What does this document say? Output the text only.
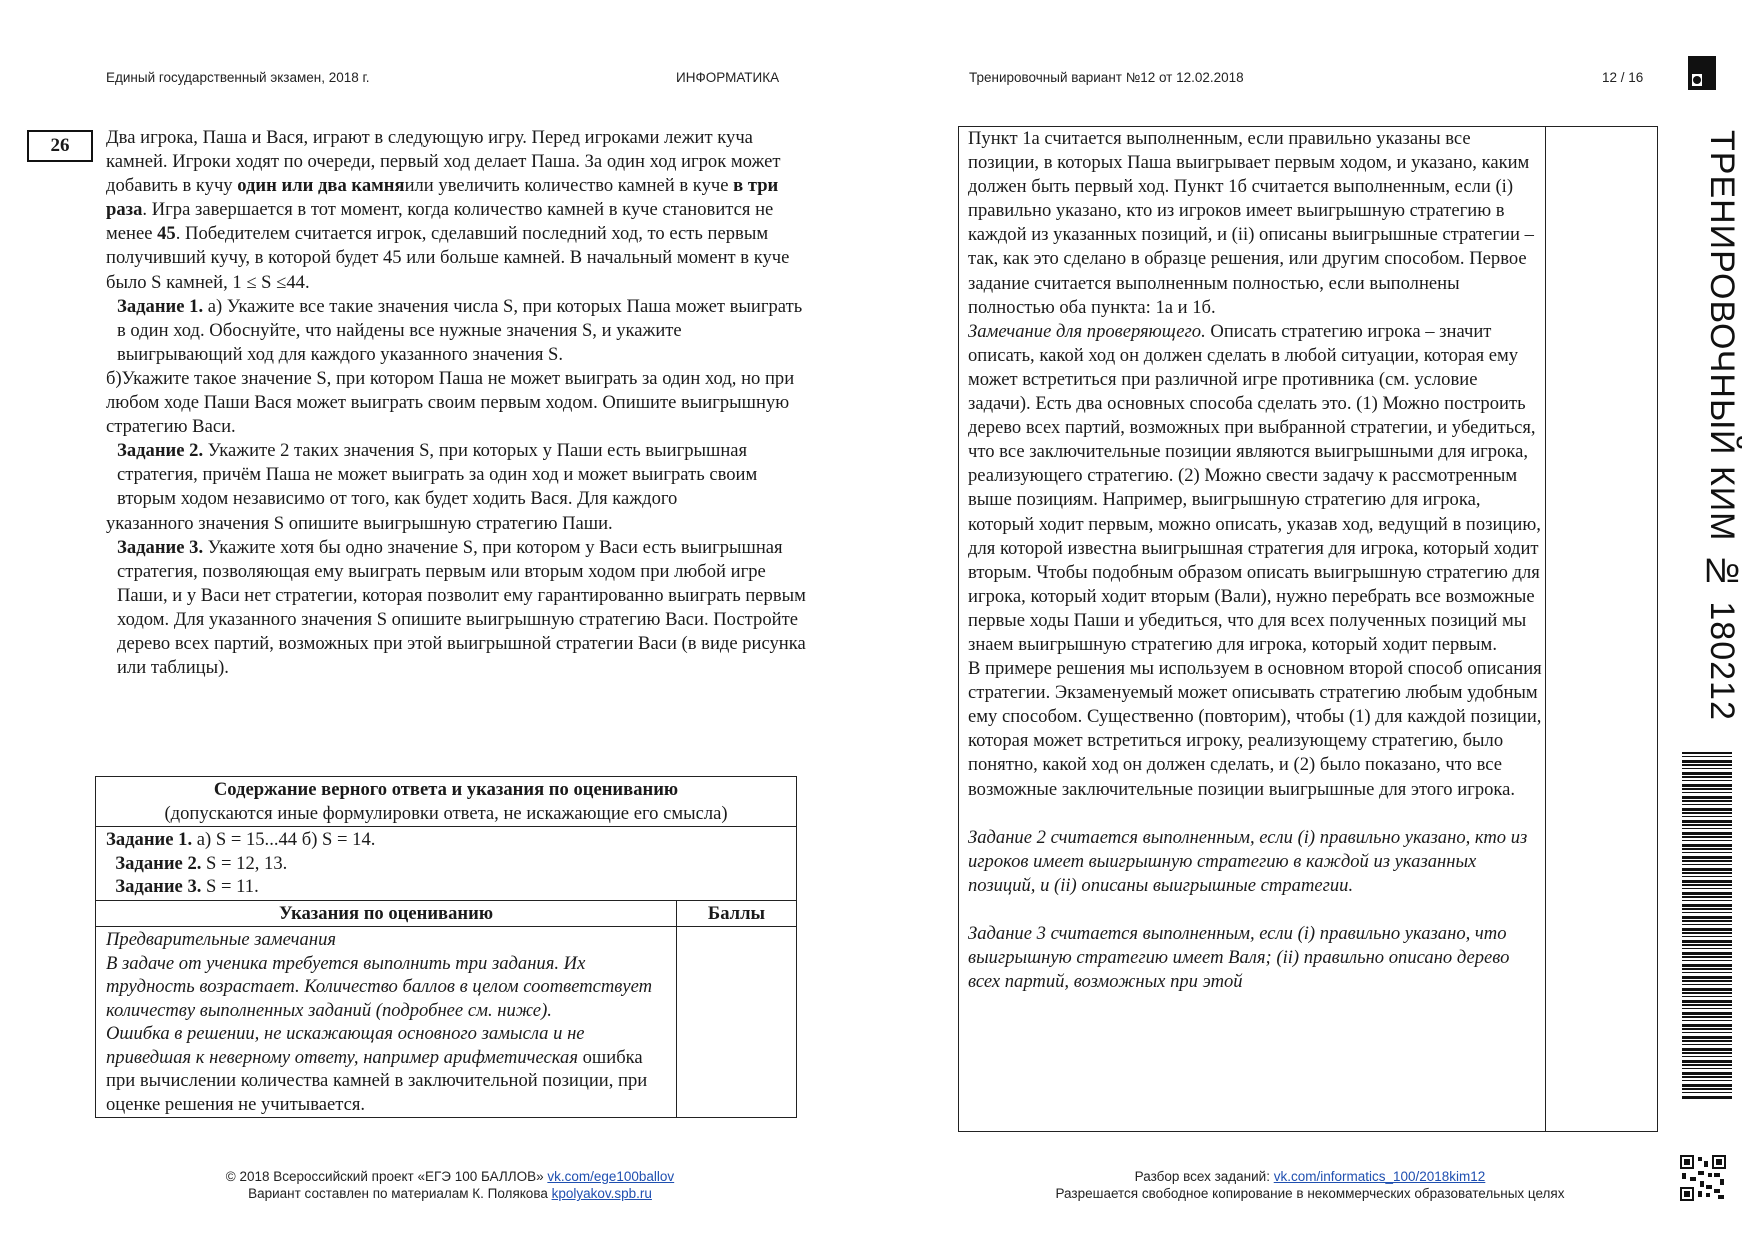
Единый государственный экзамен, 2018 г.	ИНФОРМАТИКА	Тренировочный вариант №12 от 12.02.2018	12 / 16
ТРЕНИРОВОЧНЫЙ КИМ № 180212
26	Два игрока, Паша и Вася, играют в следующую игру. Перед игроками лежит куча камней. Игроки ходят по очереди, первый ход делает Паша. За один ход игрок может добавить в кучу один или два камняили увеличить количество камней в куче в три раза. Игра завершается в тот момент, когда количество камней в куче становится не менее 45. Победителем считается игрок, сделавший последний ход, то есть первым получивший кучу, в которой будет 45 или больше камней. В начальный момент в куче было S камней, 1 ≤ S ≤44.

Задание 1. а) Укажите все такие значения числа S, при которых Паша может выиграть в один ход. Обоснуйте, что найдены все нужные значения S, и укажите выигрывающий ход для каждого указанного значения S.

б)Укажите такое значение S, при котором Паша не может выиграть за один ход, но при любом ходе Паши Вася может выиграть своим первым ходом. Опишите выигрышную стратегию Васи.

Задание 2. Укажите 2 таких значения S, при которых у Паши есть выигрышная стратегия, причём Паша не может выиграть за один ход и может выиграть своим вторым ходом независимо от того, как будет ходить Вася. Для каждого

указанного значения S опишите выигрышную стратегию Паши.

Задание 3. Укажите хотя бы одно значение S, при котором у Васи есть выигрышная стратегия, позволяющая ему выиграть первым или вторым ходом при любой игре Паши, и у Васи нет стратегии, которая позволит ему гарантированно выиграть первым ходом. Для указанного значения S опишите выигрышную стратегию Васи. Постройте дерево всех партий, возможных при этой выигрышной стратегии Васи (в виде рисунка или таблицы).

Содержание верного ответа и указания по оцениванию
(допускаются иные формулировки ответа, не искажающие его смысла)	
Задание 1. а) S = 15...44 б) S = 14.
Задание 2. S = 12, 13.
Задание 3. S = 11.	
Указания по оцениванию	Баллы
Предварительные замечания
В задаче от ученика требуется выполнить три задания. Их трудность возрастает. Количество баллов в целом соответствует количеству выполненных заданий (подробнее см. ниже).
Ошибка в решении, не искажающая основного замысла и не приведшая к неверному ответу, например арифметическая ошибка при вычислении количества камней в заключительной позиции, при оценке решения не учитывается.	

Пункт 1а считается выполненным, если правильно указаны все позиции, в которых Паша выигрывает первым ходом, и указано, каким должен быть первый ход. Пункт 1б считается выполненным, если (i) правильно указано, кто из игроков имеет выигрышную стратегию в каждой из указанных позиций, и (ii) описаны выигрышные стратегии – так, как это сделано в образце решения, или другим способом. Первое задание считается выполненным полностью, если выполнены полностью оба пункта: 1а и 1б.

Замечание для проверяющего. Описать стратегию игрока – значит описать, какой ход он должен сделать в любой ситуации, которая ему может встретиться при различной игре противника (см. условие задачи). Есть два основных способа сделать это. (1) Можно построить дерево всех партий, возможных при выбранной стратегии, и убедиться, что все заключительные позиции являются выигрышными для игрока, реализующего стратегию. (2) Можно свести задачу к рассмотренным выше позициям. Например, выигрышную стратегию для игрока, который ходит первым, можно описать, указав ход, ведущий в позицию, для которой известна выигрышная стратегия для игрока, который ходит вторым. Чтобы подобным образом описать выигрышную стратегию для игрока, который ходит вторым (Вали), нужно перебрать все возможные первые ходы Паши и убедиться, что для всех полученных позиций мы знаем выигрышную стратегию для игрока, который ходит первым.

В примере решения мы используем в основном второй способ описания стратегии. Экзаменуемый может описывать стратегию любым удобным ему способом. Существенно (повторим), чтобы (1) для каждой позиции, которая может встретиться игроку, реализующему стратегию, было понятно, какой ход он должен сделать, и (2) было показано, что все возможные заключительные позиции выигрышные для этого игрока.

Задание 2 считается выполненным, если (i) правильно указано, кто из игроков имеет выигрышную стратегию в каждой из указанных позиций, и (ii) описаны выигрышные стратегии.

Задание 3 считается выполненным, если (i) правильно указано, что выигрышную стратегию имеет Валя; (ii) правильно описано дерево всех партий, возможных при этой

© 2018 Всероссийский проект «ЕГЭ 100 БАЛЛОВ» vk.com/ege100ballov
Вариант составлен по материалам К. Полякова kpolyakov.spb.ru
Разбор всех заданий: vk.com/informatics_100/2018kim12
Разрешается свободное копирование в некоммерческих образовательных целях
